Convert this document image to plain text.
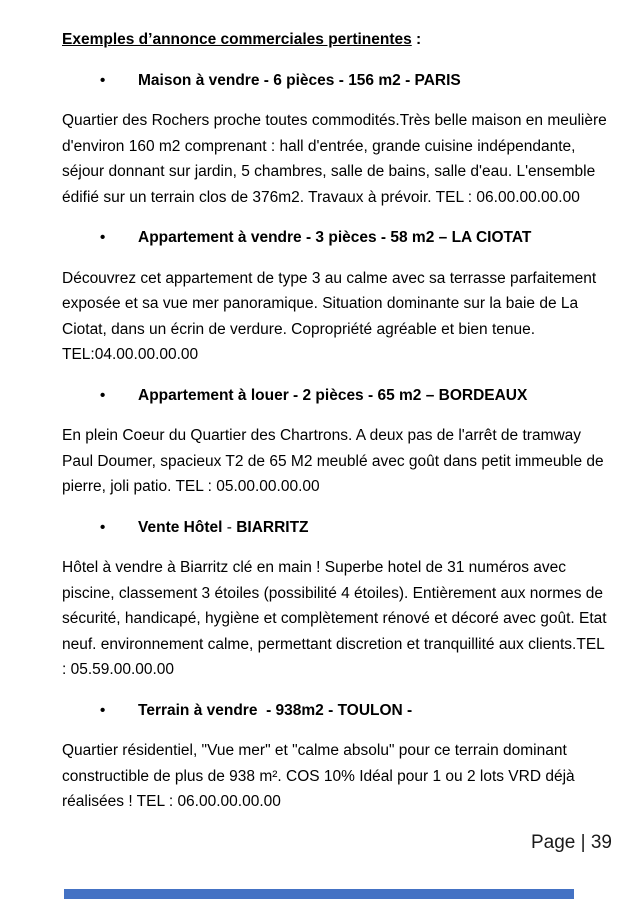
Exemples d’annonce commerciales pertinentes :
•	Maison à vendre - 6 pièces - 156 m2 - PARIS

Quartier des Rochers proche toutes commodités.Très belle maison en meulière d'environ 160 m2 comprenant : hall d'entrée, grande cuisine indépendante, séjour donnant sur jardin, 5 chambres, salle de bains, salle d'eau. L'ensemble édifié sur un terrain clos de 376m2. Travaux à prévoir. TEL : 06.00.00.00.00

•	Appartement à vendre - 3 pièces - 58 m2 – LA CIOTAT

Découvrez cet appartement de type 3 au calme avec sa terrasse parfaitement exposée et sa vue mer panoramique. Situation dominante sur la baie de La Ciotat, dans un écrin de verdure. Copropriété agréable et bien tenue. TEL:04.00.00.00.00

•	Appartement à louer - 2 pièces - 65 m2 – BORDEAUX

En plein Coeur du Quartier des Chartrons. A deux pas de l'arrêt de tramway Paul Doumer, spacieux T2 de 65 M2 meublé avec goût dans petit immeuble de pierre, joli patio. TEL : 05.00.00.00.00

•	Vente Hôtel - BIARRITZ

Hôtel à vendre à Biarritz clé en main ! Superbe hotel de 31 numéros avec piscine, classement 3 étoiles (possibilité 4 étoiles). Entièrement aux normes de sécurité, handicapé, hygiène et complètement rénové et décoré avec goût. Etat neuf. environnement calme, permettant discretion et tranquillité aux clients.TEL : 05.59.00.00.00

•	Terrain à vendre  - 938m2 - TOULON -

Quartier résidentiel, "Vue mer" et "calme absolu" pour ce terrain dominant constructible de plus de 938 m². COS 10% Idéal pour 1 ou 2 lots VRD déjà réalisées ! TEL : 06.00.00.00.00

Page | 39
